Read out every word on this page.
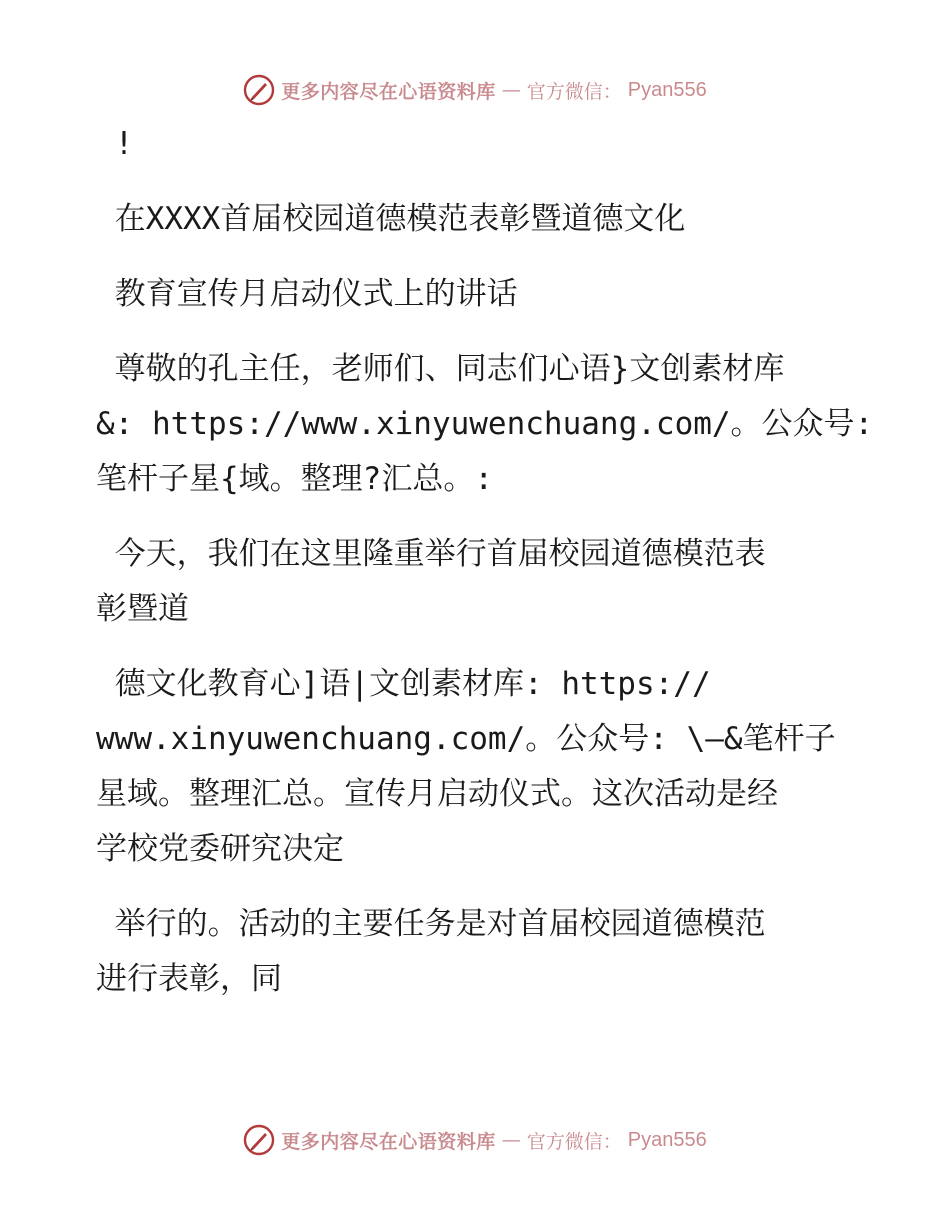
更多内容尽在心语资料库 — 官方微信： Pyan556

!

在XXXX首届校园道德模范表彰暨道德文化

教育宣传月启动仪式上的讲话

尊敬的孔主任，老师们、同志们心语}文创素材库

&: https://www.xinyuwenchuang.com/。公众号:

笔杆子星{域。整理?汇总。:

今天，我们在这里隆重举行首届校园道德模范表

彰暨道

德文化教育心]语|文创素材库: https://

www.xinyuwenchuang.com/。公众号: \—&笔杆子

星域。整理汇总。宣传月启动仪式。这次活动是经

学校党委研究决定

举行的。活动的主要任务是对首届校园道德模范

进行表彰，同

更多内容尽在心语资料库 — 官方微信： Pyan556
